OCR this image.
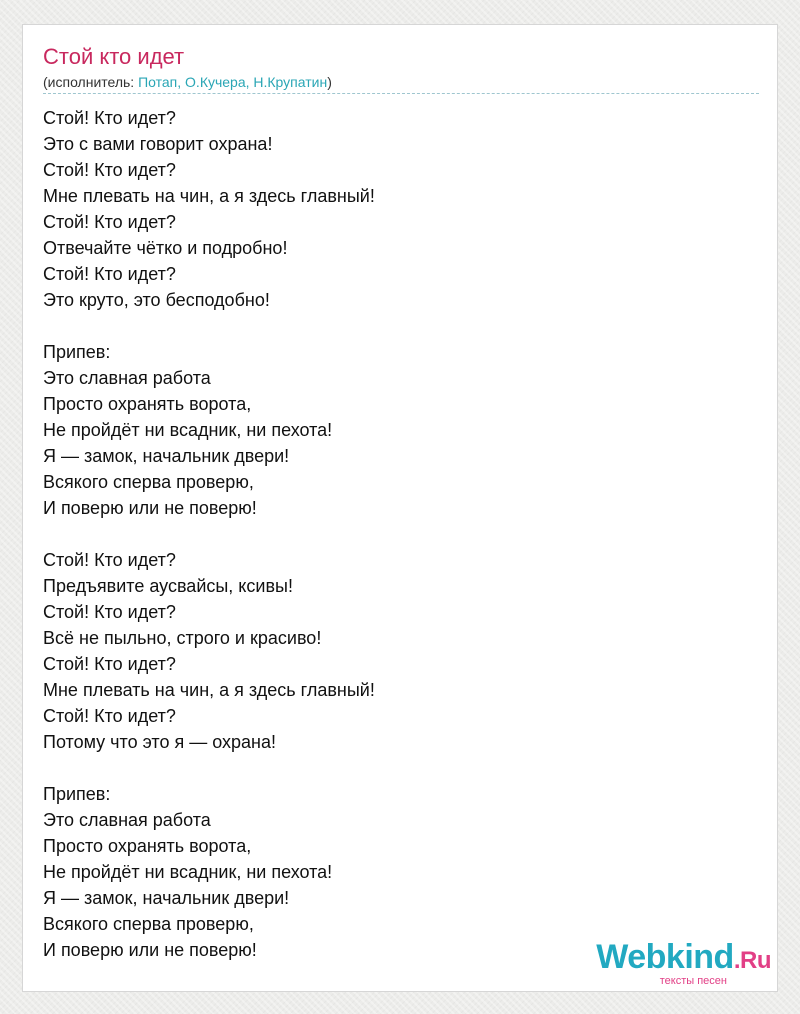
Стой кто идет
(исполнитель: Потап, О.Кучера, Н.Крупатин)
Стой! Кто идет?
Это с вами говорит охрана!
Стой! Кто идет?
Мне плевать на чин, а я здесь главный!
Стой! Кто идет?
Отвечайте чётко и подробно!
Стой! Кто идет?
Это круто, это бесподобно!
Припев:
Это славная работа
Просто охранять ворота,
Не пройдёт ни всадник, ни пехота!
Я — замок, начальник двери!
Всякого сперва проверю,
И поверю или не поверю!
Стой! Кто идет?
Предъявите аусвайсы, ксивы!
Стой! Кто идет?
Всё не пыльно, строго и красиво!
Стой! Кто идет?
Мне плевать на чин, а я здесь главный!
Стой! Кто идет?
Потому что это я — охрана!
Припев:
Это славная работа
Просто охранять ворота,
Не пройдёт ни всадник, ни пехота!
Я — замок, начальник двери!
Всякого сперва проверю,
И поверю или не поверю!	Webkind.Ru
тексты песен
